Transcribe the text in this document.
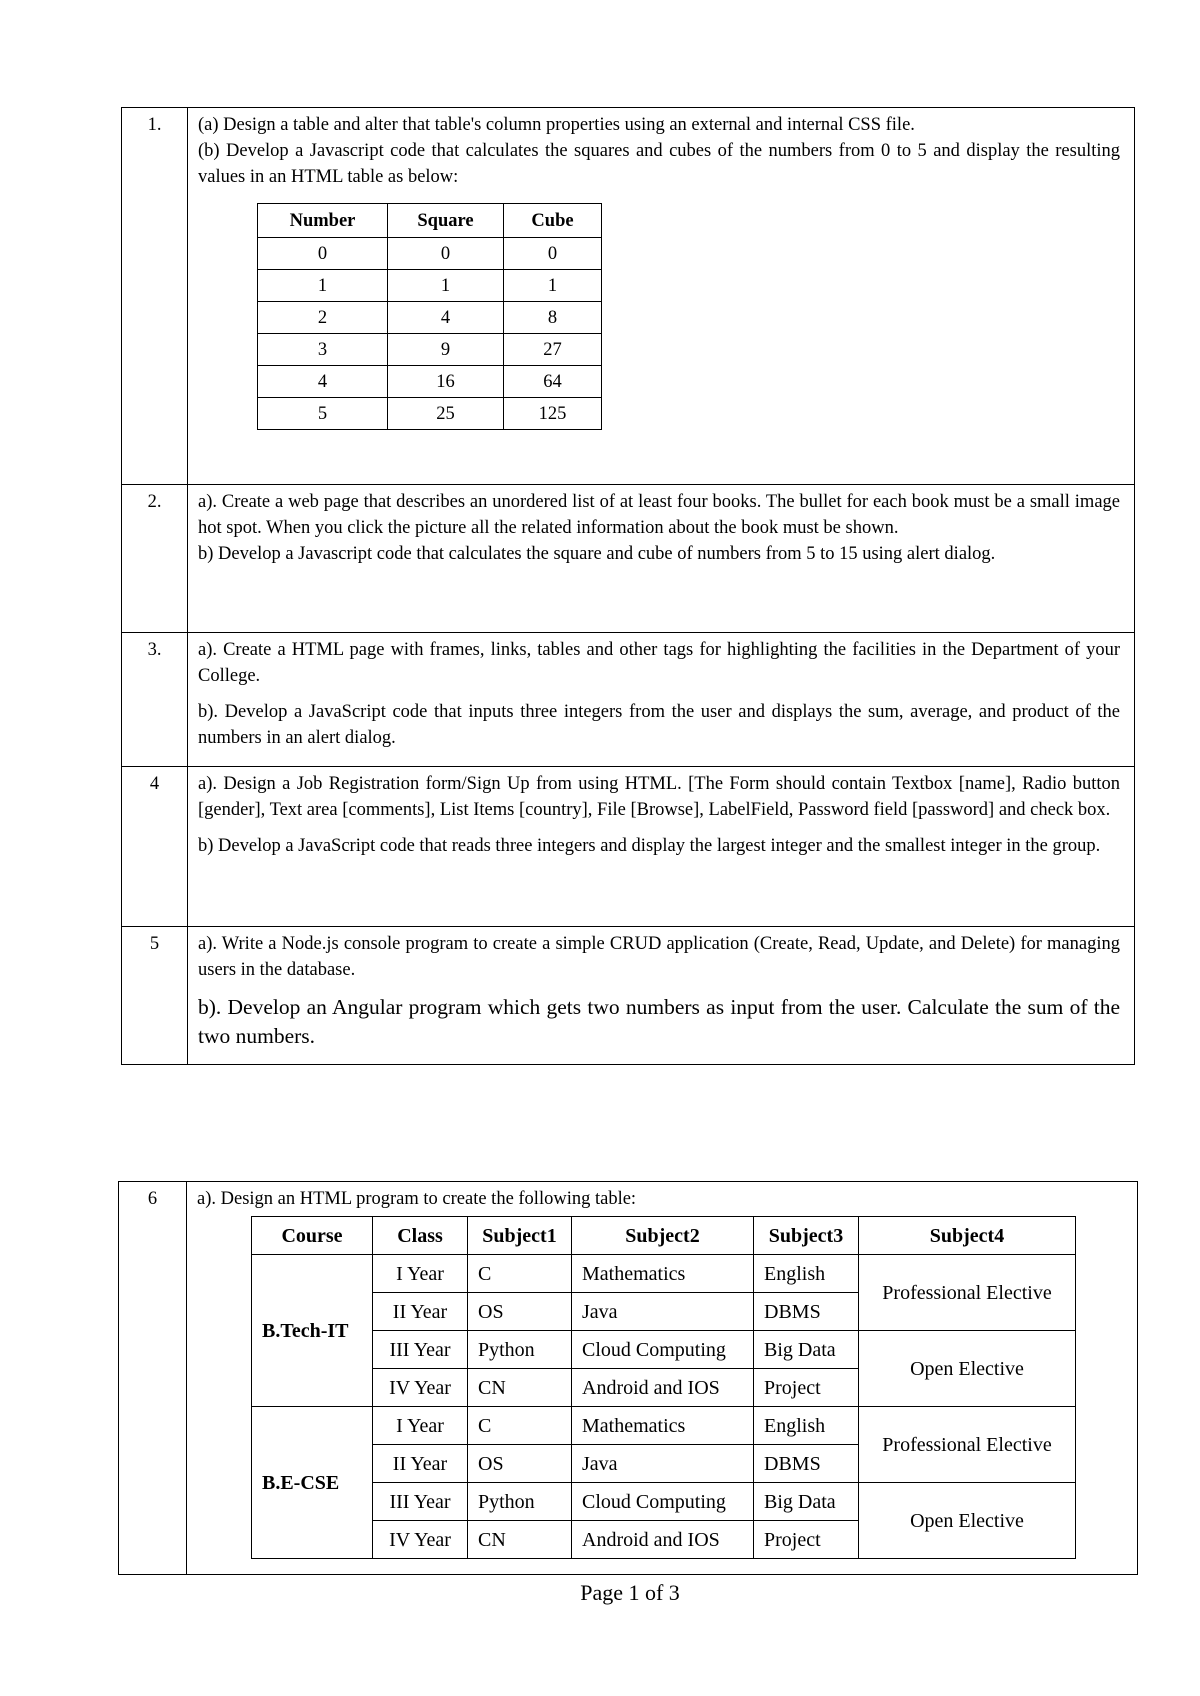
1.	(a) Design a table and alter that table's column properties using an external and internal CSS file.

(b) Develop a Javascript code that calculates the squares and cubes of the numbers from 0 to 5 and display the resulting values in an HTML table as below:

Number	Square	Cube
0	0	0
1	1	1
2	4	8
3	9	27
4	16	64
5	25	125

2.	a). Create a web page that describes an unordered list of at least four books. The bullet for each book must be a small image hot spot. When you click the picture all the related information about the book must be shown.

b) Develop a Javascript code that calculates the square and cube of numbers from 5 to 15 using alert dialog.

3.	a). Create a HTML page with frames, links, tables and other tags for highlighting the facilities in the Department of your College.

b). Develop a JavaScript code that inputs three integers from the user and displays the sum, average, and product of the numbers in an alert dialog.

4	a). Design a Job Registration form/Sign Up from using HTML. [The Form should contain Textbox [name], Radio button [gender], Text area [comments], List Items [country], File [Browse], LabelField, Password field [password] and check box.

b) Develop a JavaScript code that reads three integers and display the largest integer and the smallest integer in the group.

5	a). Write a Node.js console program to create a simple CRUD application (Create, Read, Update, and Delete) for managing users in the database.

b). Develop an Angular program which gets two numbers as input from the user. Calculate the sum of the two numbers.

6	a). Design an HTML program to create the following table:

Course	Class	Subject1	Subject2	Subject3	Subject4
B.Tech-IT	I Year	C	Mathematics	English	Professional Elective
II Year	OS	Java	DBMS
III Year	Python	Cloud Computing	Big Data	Open Elective
IV Year	CN	Android and IOS	Project
B.E-CSE	I Year	C	Mathematics	English	Professional Elective
II Year	OS	Java	DBMS
III Year	Python	Cloud Computing	Big Data	Open Elective
IV Year	CN	Android and IOS	Project
Page 1 of 3
